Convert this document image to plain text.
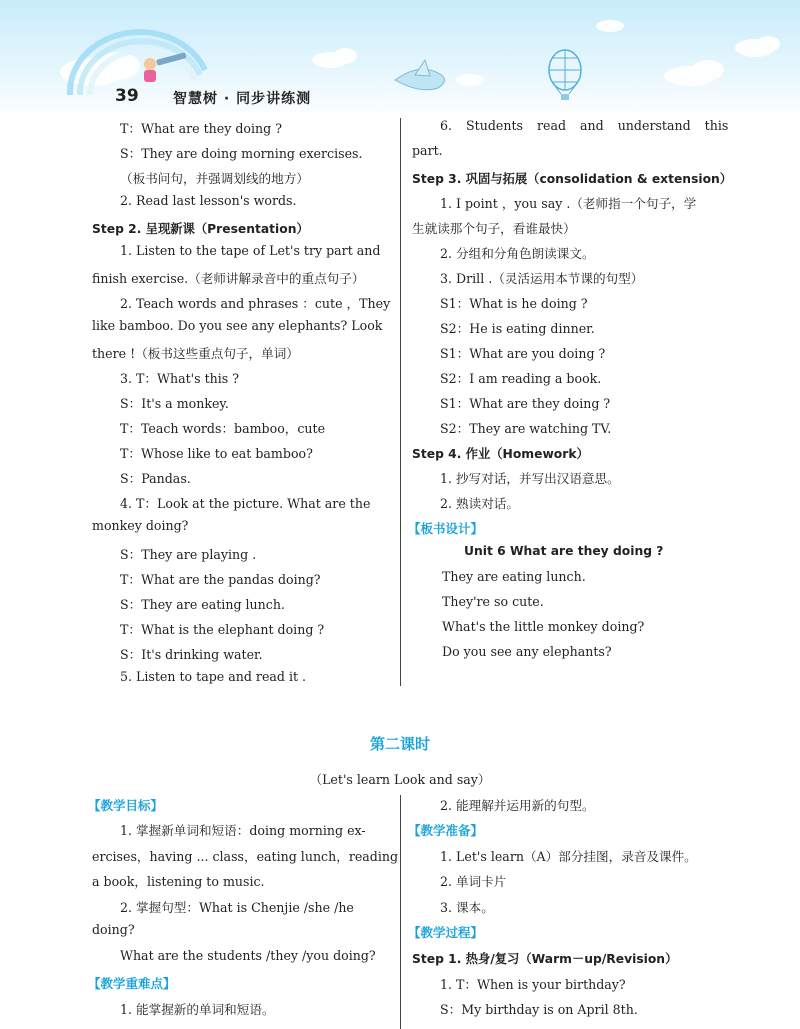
39 智慧树 · 同步讲练测
T：What are they doing ?
S：They are doing morning exercises.
（板书问句，并强调划线的地方）
2. Read last lesson's words.
Step 2. 呈现新课（Presentation）
1. Listen to the tape of Let's try part and
finish exercise.（老师讲解录音中的重点句子）
2. Teach words and phrases ：cute ，They
like bamboo. Do you see any elephants? Look
there !（板书这些重点句子，单词）
3. T：What's this ?
S：It's a monkey.
T：Teach words：bamboo，cute
T：Whose like to eat bamboo?
S：Pandas.
4. T：Look at the picture. What are the
monkey doing?
S：They are playing .
T：What are the pandas doing?
S：They are eating lunch.
T：What is the elephant doing ?
S：It's drinking water.
5. Listen to tape and read it .
6. Students read and understand this
part.
Step 3. 巩固与拓展（consolidation & extension）
1. I point ，you say .（老师指一个句子，学
生就读那个句子，看谁最快）
2. 分组和分角色朗读课文。
3. Drill .（灵活运用本节课的句型）
S1：What is he doing ?
S2：He is eating dinner.
S1：What are you doing ?
S2：I am reading a book.
S1：What are they doing ?
S2：They are watching TV.
Step 4. 作业（Homework）
1. 抄写对话，并写出汉语意思。
2. 熟读对话。
【板书设计】
Unit 6 What are they doing ?
They are eating lunch.
They're so cute.
What's the little monkey doing?
Do you see any elephants?
第二课时
（Let's learn Look and say）
【教学目标】
1. 掌握新单词和短语：doing morning ex-
ercises，having ... class，eating lunch，reading
a book，listening to music.
2. 掌握句型：What is Chenjie /she /he
doing?
What are the students /they /you doing?
【教学重难点】
1. 能掌握新的单词和短语。
2. 能理解并运用新的句型。
【教学准备】
1. Let's learn（A）部分挂图，录音及课件。
2. 单词卡片
3. 课本。
【教学过程】
Step 1. 热身/复习（Warm－up/Revision）
1. T：When is your birthday?
S：My birthday is on April 8th.
